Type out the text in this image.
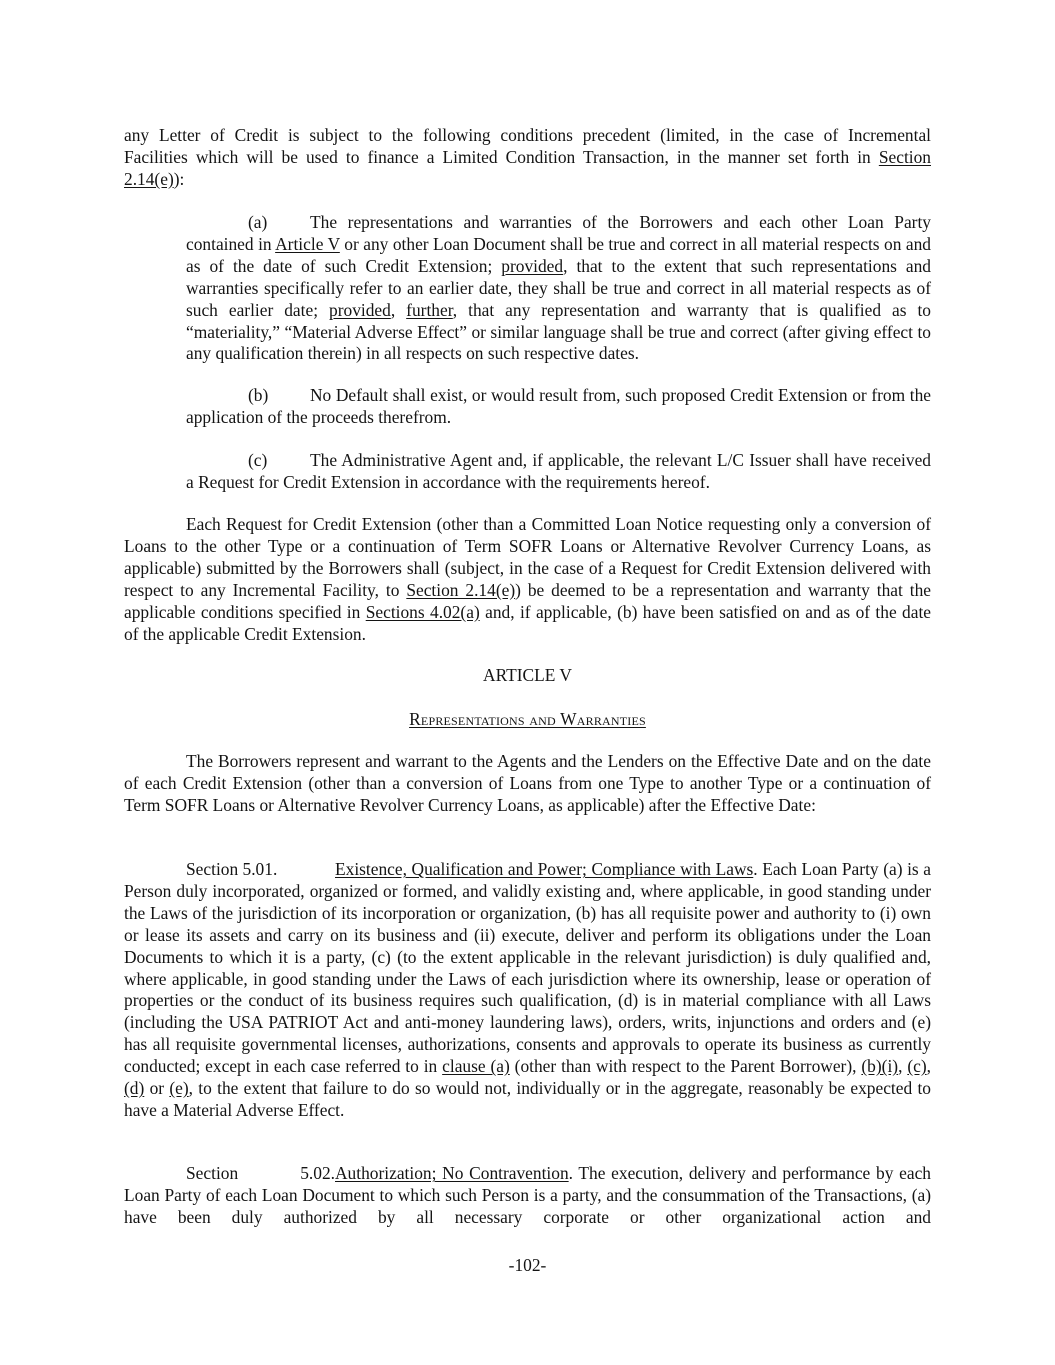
any Letter of Credit is subject to the following conditions precedent (limited, in the case of Incremental
Facilities which will be used to finance a Limited Condition Transaction, in the manner set forth in Section
2.14(e)):

(a) The representations and warranties of the Borrowers and each other Loan Party contained in Article V or any other Loan Document shall be true and correct in all material respects on and as of the date of such Credit Extension; provided, that to the extent that such representations and warranties specifically refer to an earlier date, they shall be true and correct in all material respects as of such earlier date; provided, further, that any representation and warranty that is qualified as to “materiality,” “Material Adverse Effect” or similar language shall be true and correct (after giving effect to any qualification therein) in all respects on such respective dates.

(b) No Default shall exist, or would result from, such proposed Credit Extension or from the application of the proceeds therefrom.

(c) The Administrative Agent and, if applicable, the relevant L/C Issuer shall have received a Request for Credit Extension in accordance with the requirements hereof.

Each Request for Credit Extension (other than a Committed Loan Notice requesting only a conversion of Loans to the other Type or a continuation of Term SOFR Loans or Alternative Revolver Currency Loans, as applicable) submitted by the Borrowers shall (subject, in the case of a Request for Credit Extension delivered with respect to any Incremental Facility, to Section 2.14(e)) be deemed to be a representation and warranty that the applicable conditions specified in Sections 4.02(a) and, if applicable, (b) have been satisfied on and as of the date of the applicable Credit Extension.

ARTICLE V
Representations and Warranties

The Borrowers represent and warrant to the Agents and the Lenders on the Effective Date and on the date of each Credit Extension (other than a conversion of Loans from one Type to another Type or a continuation of Term SOFR Loans or Alternative Revolver Currency Loans, as applicable) after the Effective Date:

Section 5.01.	Existence, Qualification and Power; Compliance with Laws. Each Loan Party (a) is a Person duly incorporated, organized or formed, and validly existing and, where applicable, in good standing under the Laws of the jurisdiction of its incorporation or organization, (b) has all requisite power and authority to (i) own or lease its assets and carry on its business and (ii) execute, deliver and perform its obligations under the Loan Documents to which it is a party, (c) (to the extent applicable in the relevant jurisdiction) is duly qualified and, where applicable, in good standing under the Laws of each jurisdiction where its ownership, lease or operation of properties or the conduct of its business requires such qualification, (d) is in material compliance with all Laws (including the USA PATRIOT Act and anti-money laundering laws), orders, writs, injunctions and orders and (e) has all requisite governmental licenses, authorizations, consents and approvals to operate its business as currently conducted; except in each case referred to in clause (a) (other than with respect to the Parent Borrower), (b)(i), (c), (d) or (e), to the extent that failure to do so would not, individually or in the aggregate, reasonably be expected to have a Material Adverse Effect.

Section 5.02.Authorization; No Contravention. The execution, delivery and performance by each Loan Party of each Loan Document to which such Person is a party, and the consummation of the Transactions, (a) have been duly authorized by all necessary corporate or other organizational action and

-102-
